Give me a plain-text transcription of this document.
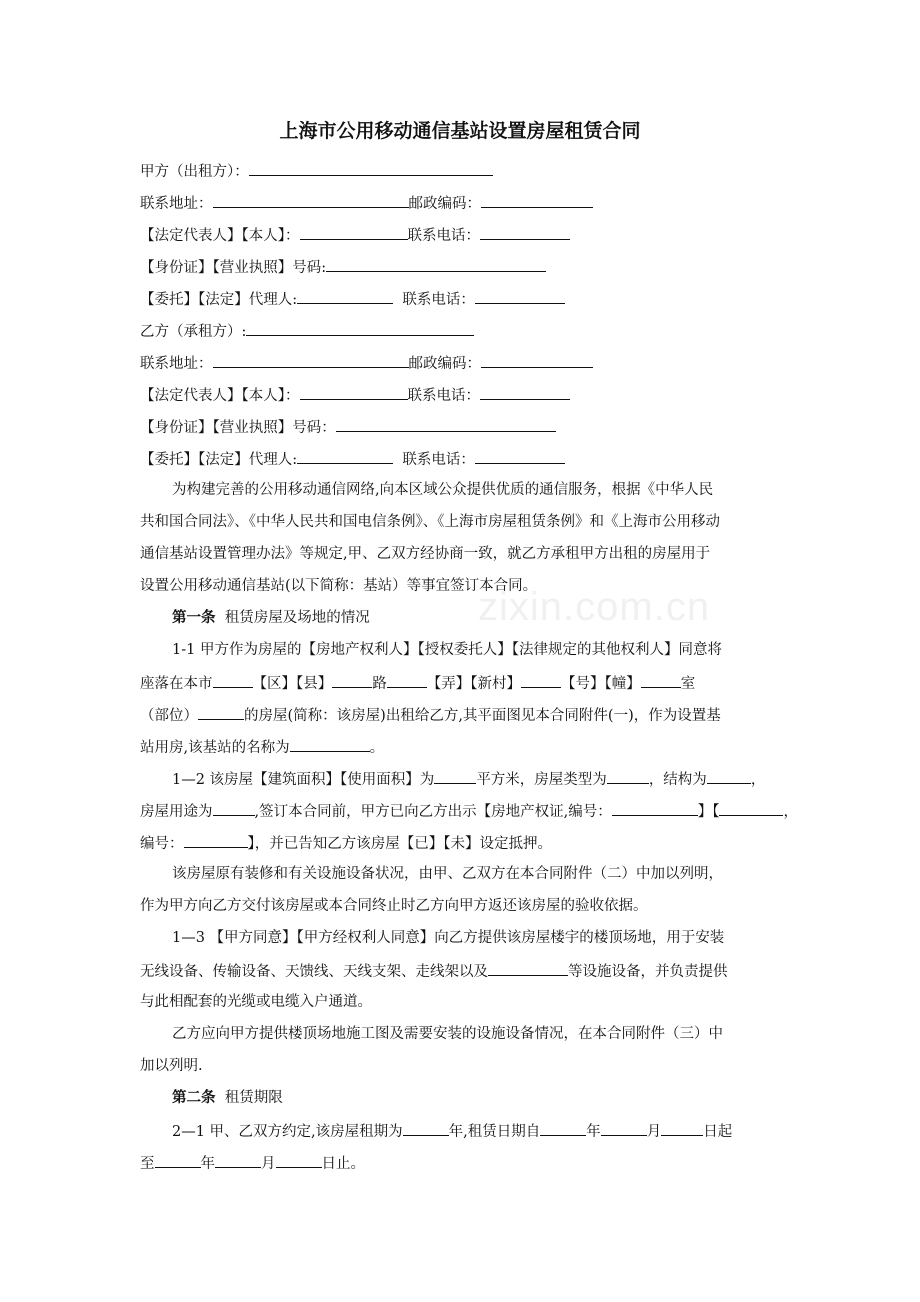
上海市公用移动通信基站设置房屋租赁合同
甲方（出租方）：
联系地址：	邮政编码：
【法定代表人】【本人】：	联系电话：
【身份证】【营业执照】号码:
【委托】【法定】代理人:	联系电话：
乙方（承租方）:
联系地址：	邮政编码：
【法定代表人】【本人】：	联系电话：
【身份证】【营业执照】号码：
【委托】【法定】代理人:	联系电话：
为构建完善的公用移动通信网络,向本区域公众提供优质的通信服务，根据《中华人民
共和国合同法》、《中华人民共和国电信条例》、《上海市房屋租赁条例》和《上海市公用移动
通信基站设置管理办法》等规定,甲、乙双方经协商一致，就乙方承租甲方出租的房屋用于
设置公用移动通信基站(以下简称：基站）等事宜签订本合同。
第一条 租赁房屋及场地的情况
1-1 甲方作为房屋的【房地产权利人】【授权委托人】【法律规定的其他权利人】同意将
座落在本市	【区】【县】	路	【弄】【新村】	【号】【幢】	室
（部位）	的房屋(简称：该房屋)出租给乙方,其平面图见本合同附件(一)，作为设置基
站用房,该基站的名称为	。
1—2 该房屋【建筑面积】【使用面积】为	平方米，房屋类型为	，结构为	，
房屋用途为	,签订本合同前，甲方已向乙方出示【房地产权证,编号：	】【	，
编号：	】，并已告知乙方该房屋【已】【未】设定抵押。
该房屋原有装修和有关设施设备状况，由甲、乙双方在本合同附件（二）中加以列明，
作为甲方向乙方交付该房屋或本合同终止时乙方向甲方返还该房屋的验收依据。
1—3 【甲方同意】【甲方经权利人同意】向乙方提供该房屋楼宇的楼顶场地，用于安装
无线设备、传输设备、天馈线、天线支架、走线架以及	等设施设备，并负责提供
与此相配套的光缆或电缆入户通道。
乙方应向甲方提供楼顶场地施工图及需要安装的设施设备情况，在本合同附件（三）中
加以列明.
第二条 租赁期限
2—1 甲、乙双方约定,该房屋租期为	年,租赁日期自	年	月	日起
至	年	月	日止。
zixin.com.cn
